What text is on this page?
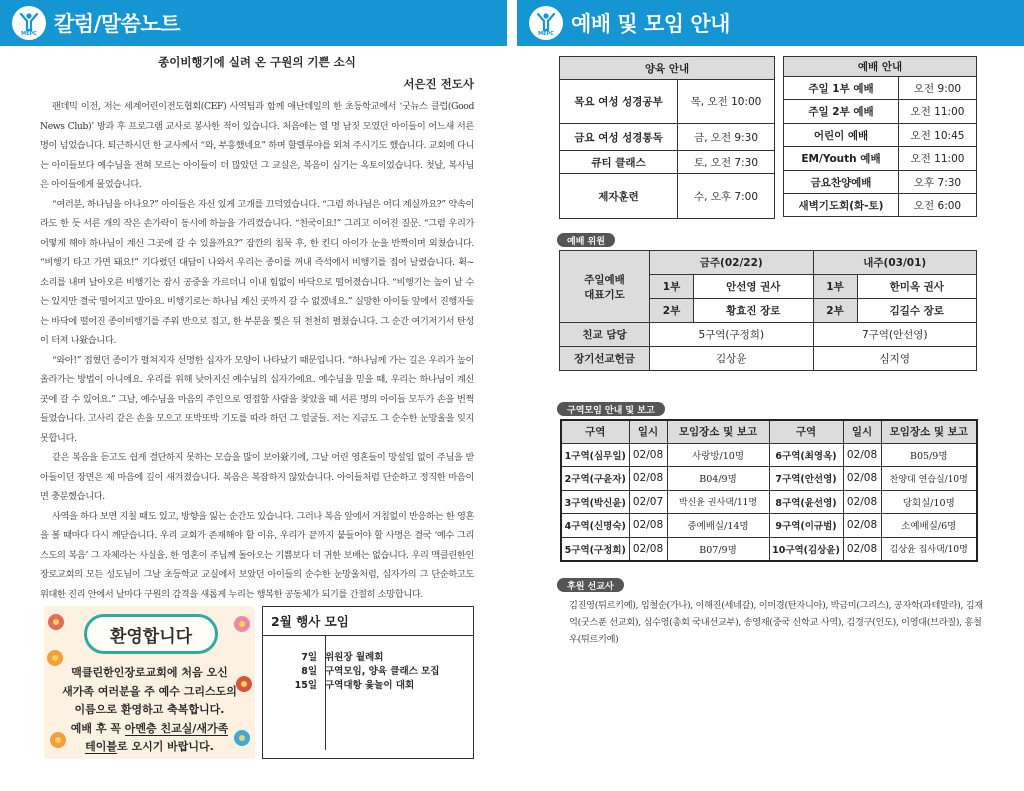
MEPC 칼럼/말씀노트	MEPC 예배 및 모임 안내
종이비행기에 실려 온 구원의 기쁜 소식
서은진 전도사

팬데믹 이전, 저는 세계어린이전도협회(CEF) 사역팀과 함께 애난데일의 한 초등학교에서 ‘굿뉴스 클럽(Good News Club)’ 방과 후 프로그램 교사로 봉사한 적이 있습니다. 처음에는 열 명 남짓 모였던 아이들이 어느새 서른 명이 넘었습니다. 퇴근하시던 한 교사께서 “와, 부흥했네요” 하며 할렐루야를 외쳐 주시기도 했습니다. 교회에 다니는 아이들보다 예수님을 전혀 모르는 아이들이 더 많았던 그 교실은, 복음이 심기는 옥토이었습니다. 첫날, 복사님은 아이들에게 물었습니다.

“여러분, 하나님을 아나요?” 아이들은 자신 있게 고개를 끄덕였습니다. “그럼 하나님은 어디 계실까요?” 약속이라도 한 듯 서른 개의 작은 손가락이 동시에 하늘을 가리켰습니다. “천국이요!” 그리고 이어진 질문. “그럼 우리가 어떻게 해야 하나님이 계신 그곳에 갈 수 있을까요?” 잠깐의 침묵 후, 한 킨디 아이가 눈을 반짝이며 외쳤습니다. “비행기 타고 가면 돼요!” 기다렸던 대답이 나와서 우리는 종이를 꺼내 즉석에서 비행기를 접어 날렸습니다. 휙~ 소리를 내며 날아오른 비행기는 잠시 공중을 가르더니 이내 힘없이 바닥으로 떨어졌습니다. “비행기는 높이 날 수는 있지만 결국 떨어지고 말아요. 비행기로는 하나님 계신 곳까지 갈 수 없겠네요.” 실망한 아이들 앞에서 진행자들는 바닥에 떨어진 종이비행기를 주워 반으로 접고, 한 부분을 찢은 뒤 천천히 펼쳤습니다. 그 순간 여기저기서 탄성이 터져 나왔습니다.

“와아!” 접혔던 종이가 펼쳐지자 선명한 십자가 모양이 나타났기 때문입니다. “하나님께 가는 길은 우리가 높이 올라가는 방법이 아니에요. 우리를 위해 낮아지신 예수님의 십자가에요. 예수님을 믿을 때, 우리는 하나님이 계신 곳에 갈 수 있어요.” 그날, 예수님을 마음의 주인으로 영접할 사람을 찾았을 때 서른 명의 아이들 모두가 손을 번쩍 들었습니다. 고사리 같은 손을 모으고 또박또박 기도를 따라 하던 그 얼굴들. 저는 지금도 그 순수한 눈망울을 잊지 못합니다.

같은 복음을 듣고도 쉽게 결단하지 못하는 모습을 많이 보아왔기에, 그날 어린 영혼들이 망설임 없이 주님을 받아들이던 장면은 제 마음에 깊이 새겨졌습니다. 복음은 복잡하지 않았습니다. 아이들처럼 단순하고 정직한 마음이면 충분했습니다.

사역을 하다 보면 지칠 때도 있고, 방향을 잃는 순간도 있습니다. 그러나 복음 앞에서 거침없이 반응하는 한 영혼을 볼 때마다 다시 깨닫습니다. 우리 교회가 존재해야 할 이유, 우리가 끝까지 붙들어야 할 사명은 결국 ‘예수 그리스도의 복음’ 그 자체라는 사실을. 한 영혼이 주님께 돌아오는 기쁨보다 더 귀한 보배는 없습니다. 우리 맥클린한인장로교회의 모든 성도님이 그날 초등학교 교실에서 보았던 아이들의 순수한 눈망울처럼, 십자가의 그 단순하고도 위대한 진리 안에서 날마다 구원의 감격을 새롭게 누리는 행복한 공동체가 되기를 간절히 소망합니다.

환영합니다
맥클린한인장로교회에 처음 오신
새가족 여러분을 주 예수 그리스도의
이름으로 환영하고 축복합니다.
예배 후 꼭 아멘층 친교실/새가족
테이블로 오시기 바랍니다.
2월 행사 모임
7일 위원장 월례회
8일 구역모임, 양육 클래스 모집
15일 구역대항 윷놀이 대회
양육 안내	
목요 여성 성경공부	목, 오전 10:00
금요 여성 성경통독	금, 오전 9:30
큐티 클래스	토, 오전 7:30
제자훈련	수, 오후 7:00
예배 안내	
주일 1부 예배	오전 9:00
주일 2부 예배	오전 11:00
어린이 예배	오전 10:45
EM/Youth 예배	오전 11:00
금요찬양예배	오후 7:30
새벽기도회(화-토)	오전 6:00
예배 위원
주일예배
대표기도	금주(02/22)		내주(03/01)	
	1부	안선영 권사	1부	한미옥 권사
	2부	황효진 장로	2부	김길수 장로
친교 담당	5구역(구정희)		7구역(안선영)	
장기선교헌금	김상윤		심지영	
구역모임 안내 및 보고
구역	일시	모임장소 및 보고	구역	일시	모임장소 및 보고
1구역(심무일)	02/08	사랑방/10명	6구역(최영옥)	02/08	B05/9명
2구역(구윤자)	02/08	B04/9명	7구역(안선영)	02/08	찬양대 연습실/10명
3구역(박신윤)	02/07	박신윤 권사댁/11명	8구역(윤선영)	02/08	당회실/10명
4구역(신명숙)	02/08	중예배실/14명	9구역(이규범)	02/08	소예배실/6명
5구역(구정희)	02/08	B07/9명	10구역(김상윤)	02/08	김상윤 집사댁/10명
후원 선교사
김진영(튀르키예), 임철순(가나), 이해진(세네갈), 이미경(탄자니아), 박금미(그리스), 공자학(과테말라), 김재억(굿스푼 선교회), 심수영(총회 국내선교부), 송영재(중국 신학교 사역), 김경구(인도), 이영대(브라질), 홍철우(튀르키예)
